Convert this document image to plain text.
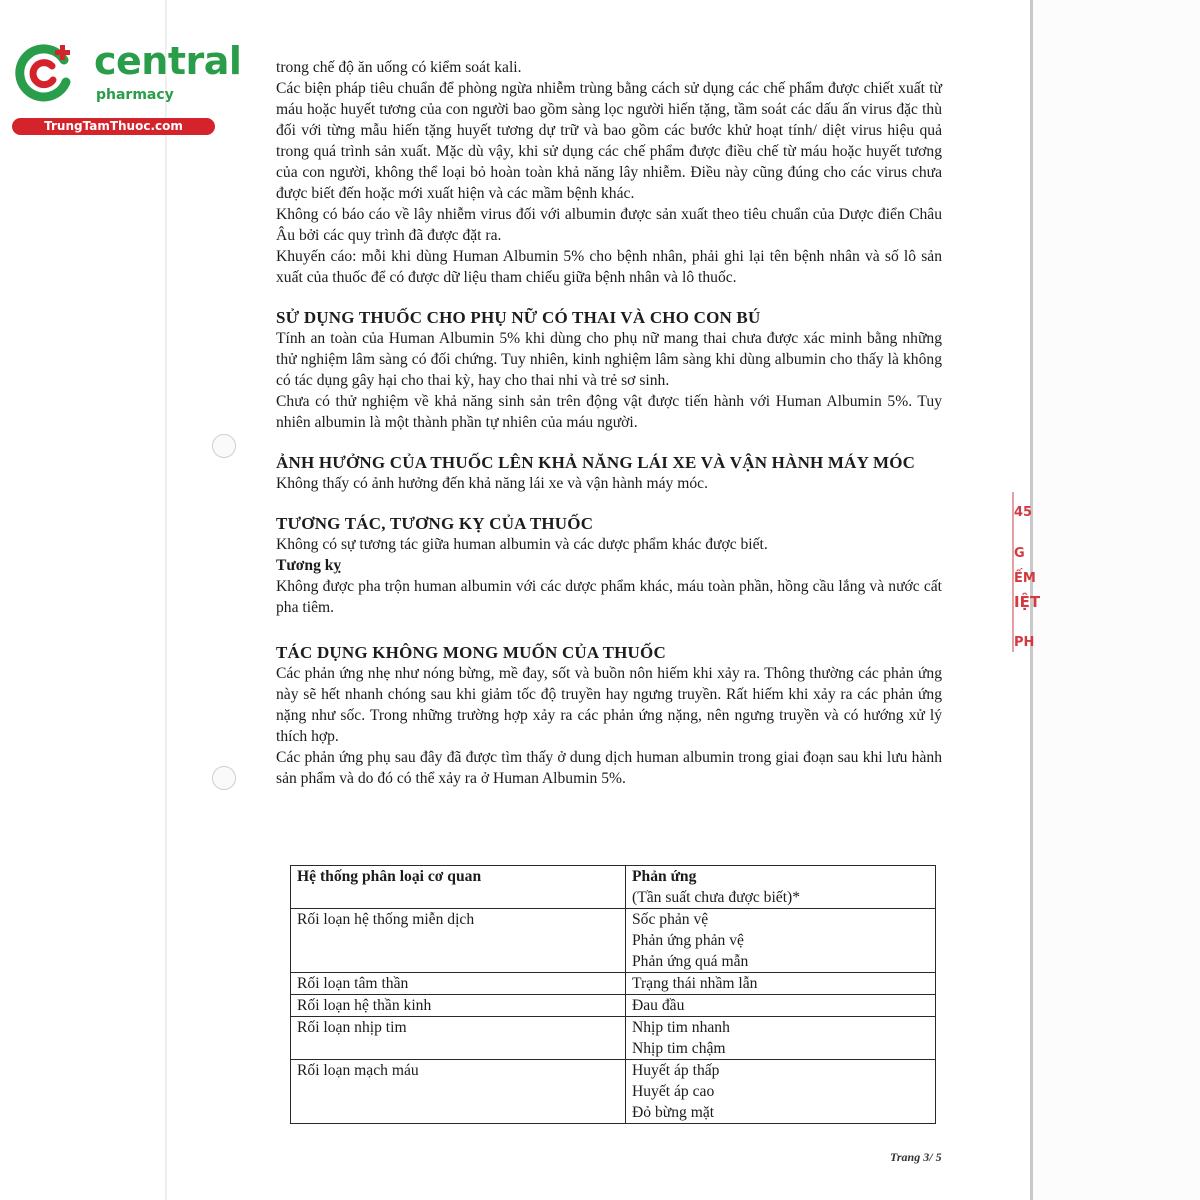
central
pharmacy
TrungTamThuoc.com

trong chế độ ăn uống có kiểm soát kali.

Các biện pháp tiêu chuẩn để phòng ngừa nhiễm trùng bằng cách sử dụng các chế phẩm được chiết xuất từ máu hoặc huyết tương của con người bao gồm sàng lọc người hiến tặng, tầm soát các dấu ấn virus đặc thù đối với từng mẫu hiến tặng huyết tương dự trữ và bao gồm các bước khử hoạt tính/ diệt virus hiệu quả trong quá trình sản xuất. Mặc dù vậy, khi sử dụng các chế phẩm được điều chế từ máu hoặc huyết tương của con người, không thể loại bỏ hoàn toàn khả năng lây nhiễm. Điều này cũng đúng cho các virus chưa được biết đến hoặc mới xuất hiện và các mầm bệnh khác.

Không có báo cáo về lây nhiễm virus đối với albumin được sản xuất theo tiêu chuẩn của Dược điển Châu Âu bởi các quy trình đã được đặt ra.

Khuyến cáo: mỗi khi dùng Human Albumin 5% cho bệnh nhân, phải ghi lại tên bệnh nhân và số lô sản xuất của thuốc để có được dữ liệu tham chiếu giữa bệnh nhân và lô thuốc.

SỬ DỤNG THUỐC CHO PHỤ NỮ CÓ THAI VÀ CHO CON BÚ

Tính an toàn của Human Albumin 5% khi dùng cho phụ nữ mang thai chưa được xác minh bằng những thử nghiệm lâm sàng có đối chứng. Tuy nhiên, kinh nghiệm lâm sàng khi dùng albumin cho thấy là không có tác dụng gây hại cho thai kỳ, hay cho thai nhi và trẻ sơ sinh.

Chưa có thử nghiệm về khả năng sinh sản trên động vật được tiến hành với Human Albumin 5%. Tuy nhiên albumin là một thành phần tự nhiên của máu người.

ẢNH HƯỞNG CỦA THUỐC LÊN KHẢ NĂNG LÁI XE VÀ VẬN HÀNH MÁY MÓC

Không thấy có ảnh hưởng đến khả năng lái xe và vận hành máy móc.

TƯƠNG TÁC, TƯƠNG KỴ CỦA THUỐC

Không có sự tương tác giữa human albumin và các dược phẩm khác được biết.

Tương kỵ

Không được pha trộn human albumin với các dược phẩm khác, máu toàn phần, hồng cầu lắng và nước cất pha tiêm.

TÁC DỤNG KHÔNG MONG MUỐN CỦA THUỐC

Các phản ứng nhẹ như nóng bừng, mề đay, sốt và buồn nôn hiếm khi xảy ra. Thông thường các phản ứng này sẽ hết nhanh chóng sau khi giảm tốc độ truyền hay ngưng truyền. Rất hiếm khi xảy ra các phản ứng nặng như sốc. Trong những trường hợp xảy ra các phản ứng nặng, nên ngưng truyền và có hướng xử lý thích hợp.

Các phản ứng phụ sau đây đã được tìm thấy ở dung dịch human albumin trong giai đoạn sau khi lưu hành sản phẩm và do đó có thể xảy ra ở Human Albumin 5%.

Hệ thống phân loại cơ quan	Phản ứng
(Tần suất chưa được biết)*

Rối loạn hệ thống miễn dịch	Sốc phản vệ
Phản ứng phản vệ
Phản ứng quá mẫn

Rối loạn tâm thần	Trạng thái nhầm lẫn

Rối loạn hệ thần kinh	Đau đầu

Rối loạn nhịp tim	Nhịp tim nhanh
Nhịp tim chậm

Rối loạn mạch máu	Huyết áp thấp
Huyết áp cao
Đỏ bừng mặt
45
G
ẾM
IỆT
PH
Trang 3/ 5
